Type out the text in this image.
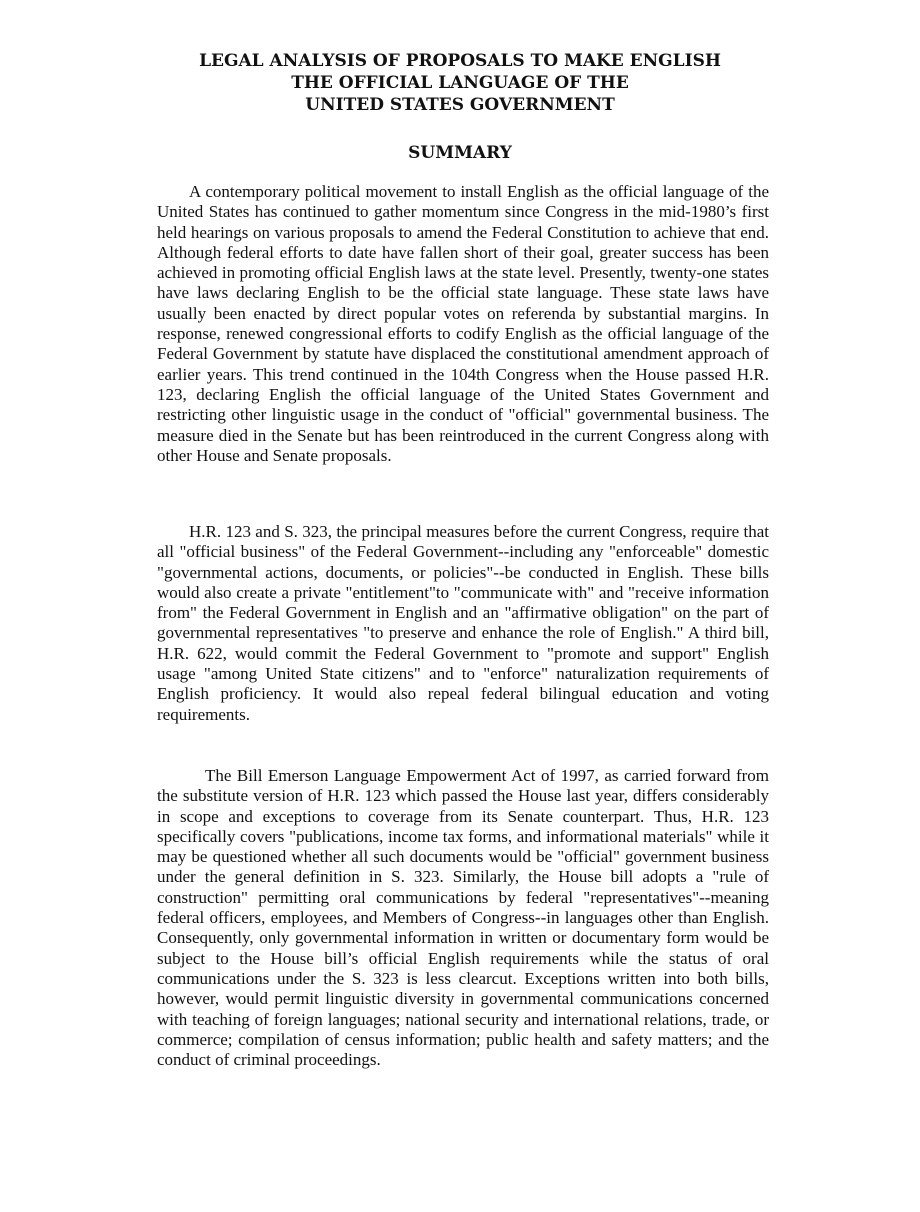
LEGAL ANALYSIS OF PROPOSALS TO MAKE ENGLISH
THE OFFICIAL LANGUAGE OF THE
UNITED STATES GOVERNMENT
SUMMARY

A contemporary political movement to install English as the official language of the United States has continued to gather momentum since Congress in the mid-1980’s first held hearings on various proposals to amend the Federal Constitution to achieve that end. Although federal efforts to date have fallen short of their goal, greater success has been achieved in promoting official English laws at the state level. Presently, twenty-one states have laws declaring English to be the official state language. These state laws have usually been enacted by direct popular votes on referenda by substantial margins. In response, renewed congressional efforts to codify English as the official language of the Federal Government by statute have displaced the constitutional amendment approach of earlier years. This trend continued in the 104th Congress when the House passed H.R. 123, declaring English the official language of the United States Government and restricting other linguistic usage in the conduct of "official" governmental business. The measure died in the Senate but has been reintroduced in the current Congress along with other House and Senate proposals.

H.R. 123 and S. 323, the principal measures before the current Congress, require that all "official business" of the Federal Government--including any "enforceable" domestic "governmental actions, documents, or policies"--be conducted in English. These bills would also create a private "entitlement"to "communicate with" and "receive information from" the Federal Government in English and an "affirmative obligation" on the part of governmental representatives "to preserve and enhance the role of English." A third bill, H.R. 622, would commit the Federal Government to "promote and support" English usage "among United State citizens" and to "enforce" naturalization requirements of English proficiency. It would also repeal federal bilingual education and voting requirements.

The Bill Emerson Language Empowerment Act of 1997, as carried forward from the substitute version of H.R. 123 which passed the House last year, differs considerably in scope and exceptions to coverage from its Senate counterpart. Thus, H.R. 123 specifically covers "publications, income tax forms, and informational materials" while it may be questioned whether all such documents would be "official" government business under the general definition in S. 323. Similarly, the House bill adopts a "rule of construction" permitting oral communications by federal "representatives"--meaning federal officers, employees, and Members of Congress--in languages other than English. Consequently, only governmental information in written or documentary form would be subject to the House bill’s official English requirements while the status of oral communications under the S. 323 is less clearcut. Exceptions written into both bills, however, would permit linguistic diversity in governmental communications concerned with teaching of foreign languages; national security and international relations, trade, or commerce; compilation of census information; public health and safety matters; and the conduct of criminal proceedings.
